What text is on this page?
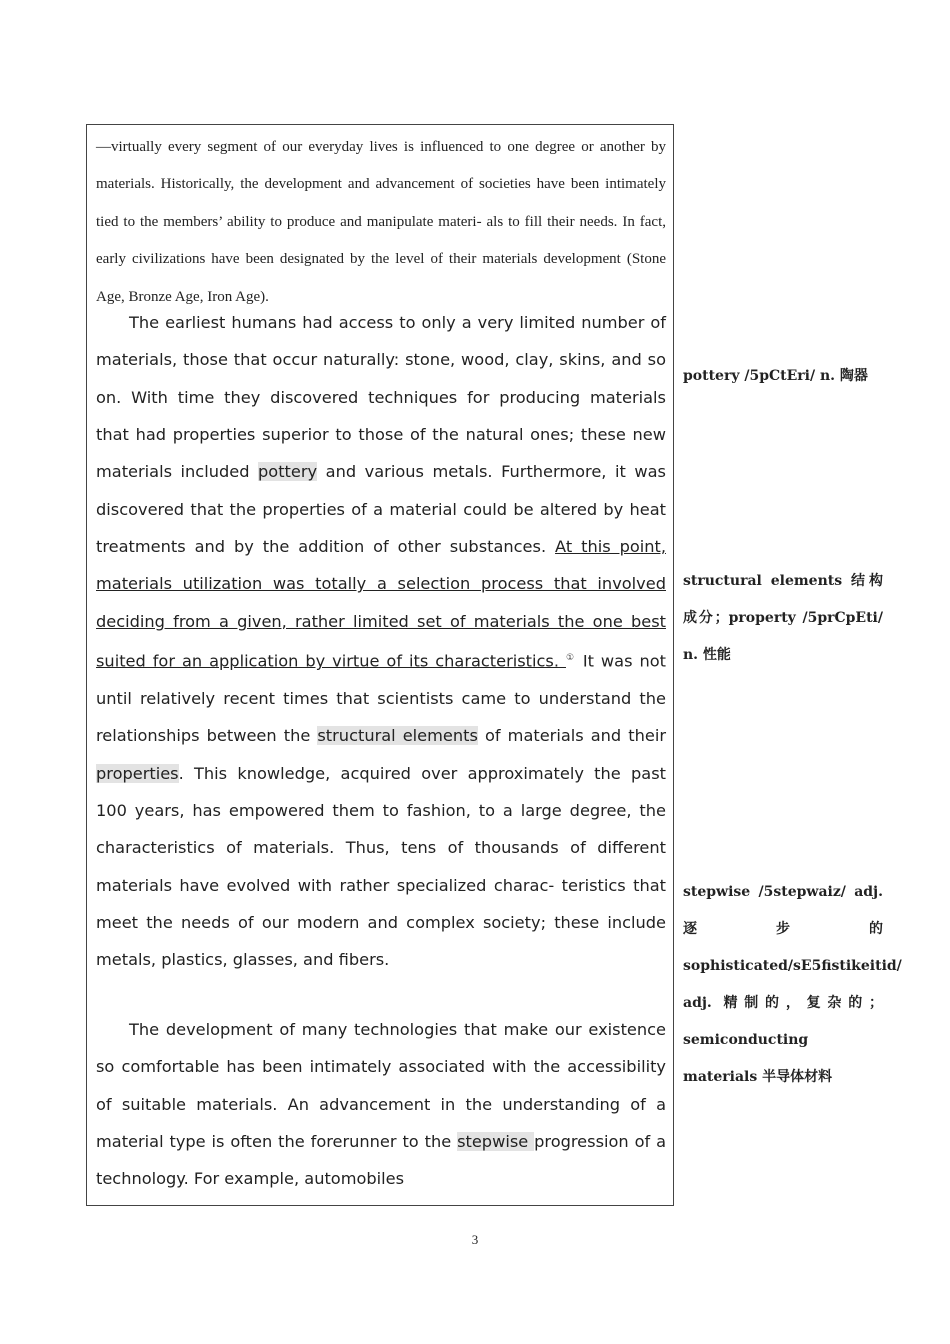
—virtually every segment of our everyday lives is influenced to one degree or another by materials. Historically, the development and advancement of societies have been intimately tied to the members’ ability to produce and manipulate materi- als to fill their needs. In fact, early civilizations have been designated by the level of their materials development (Stone Age, Bronze Age, Iron Age).

The earliest humans had access to only a very limited number of materials, those that occur naturally: stone, wood, clay, skins, and so on. With time they discovered techniques for producing materials that had properties superior to those of the natural ones; these new materials included pottery and various metals. Furthermore, it was discovered that the properties of a material could be altered by heat treatments and by the addition of other substances. At this point, materials utilization was totally a selection process that involved deciding from a given, rather limited set of materials the one best suited for an application by virtue of its characteristics. ① It was not until relatively recent times that scientists came to understand the relationships between the structural elements of materials and their properties. This knowledge, acquired over approximately the past 100 years, has empowered them to fashion, to a large degree, the characteristics of materials. Thus, tens of thousands of different materials have evolved with rather specialized charac- teristics that meet the needs of our modern and complex society; these include metals, plastics, glasses, and fibers.

The development of many technologies that make our existence so comfortable has been intimately associated with the accessibility of suitable materials. An advancement in the understanding of a material type is often the forerunner to the stepwise progression of a technology. For example, automobiles

pottery /5pCtEri/ n. 陶器
structural elements 结构成分；property /5prCpEti/ n. 性能
stepwise /5stepwaiz/ adj. 逐步的 sophisticated/sE5fistikeitid/ adj. 精制的，复杂的； semiconducting materials 半导体材料
3
